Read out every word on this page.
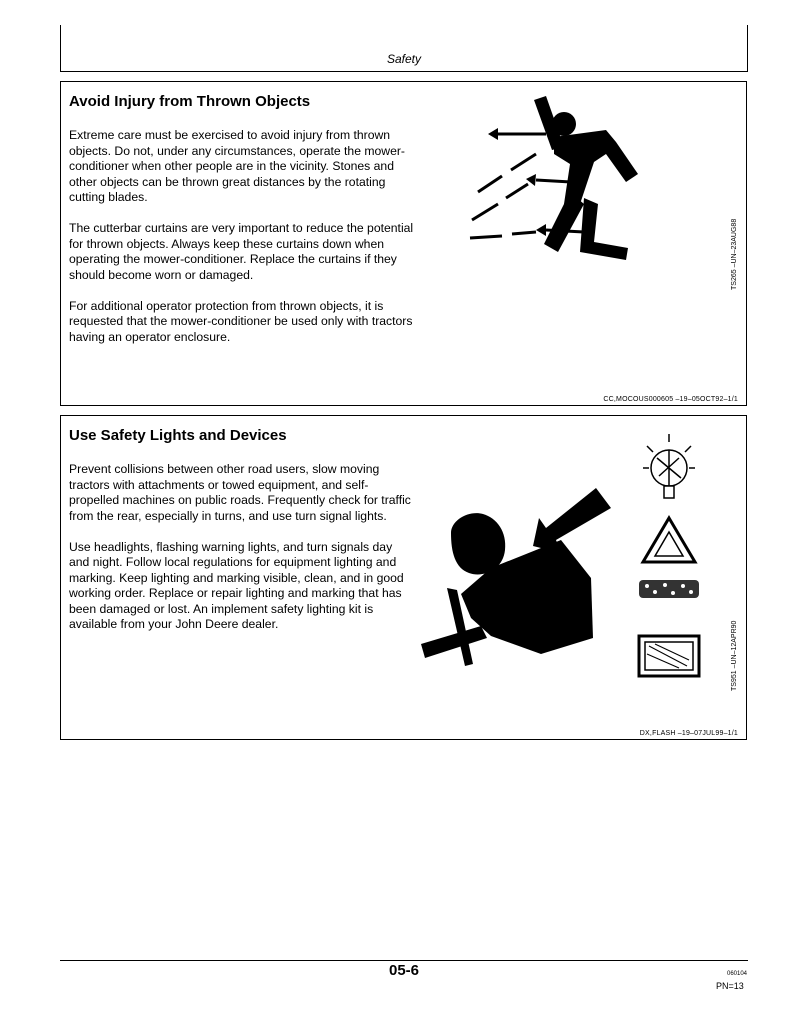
Safety
Avoid Injury from Thrown Objects

Extreme care must be exercised to avoid injury from thrown objects. Do not, under any circumstances, operate the mower-conditioner when other people are in the vicinity. Stones and other objects can be thrown great distances by the rotating cutting blades.

The cutterbar curtains are very important to reduce the potential for thrown objects. Always keep these curtains down when operating the mower-conditioner. Replace the curtains if they should become worn or damaged.

For additional operator protection from thrown objects, it is requested that the mower-conditioner be used only with tractors having an operator enclosure.

TS265 –UN–23AUG88
CC,MOCOUS000605 –19–05OCT92–1/1
Use Safety Lights and Devices

Prevent collisions between other road users, slow moving tractors with attachments or towed equipment, and self-propelled machines on public roads. Frequently check for traffic from the rear, especially in turns, and use turn signal lights.

Use headlights, flashing warning lights, and turn signals day and night. Follow local regulations for equipment lighting and marking. Keep lighting and marking visible, clean, and in good working order. Replace or repair lighting and marking that has been damaged or lost. An implement safety lighting kit is available from your John Deere dealer.	TS951 –UN–12APR90
DX,FLASH –19–07JUL99–1/1
05-6	060104
PN=13
